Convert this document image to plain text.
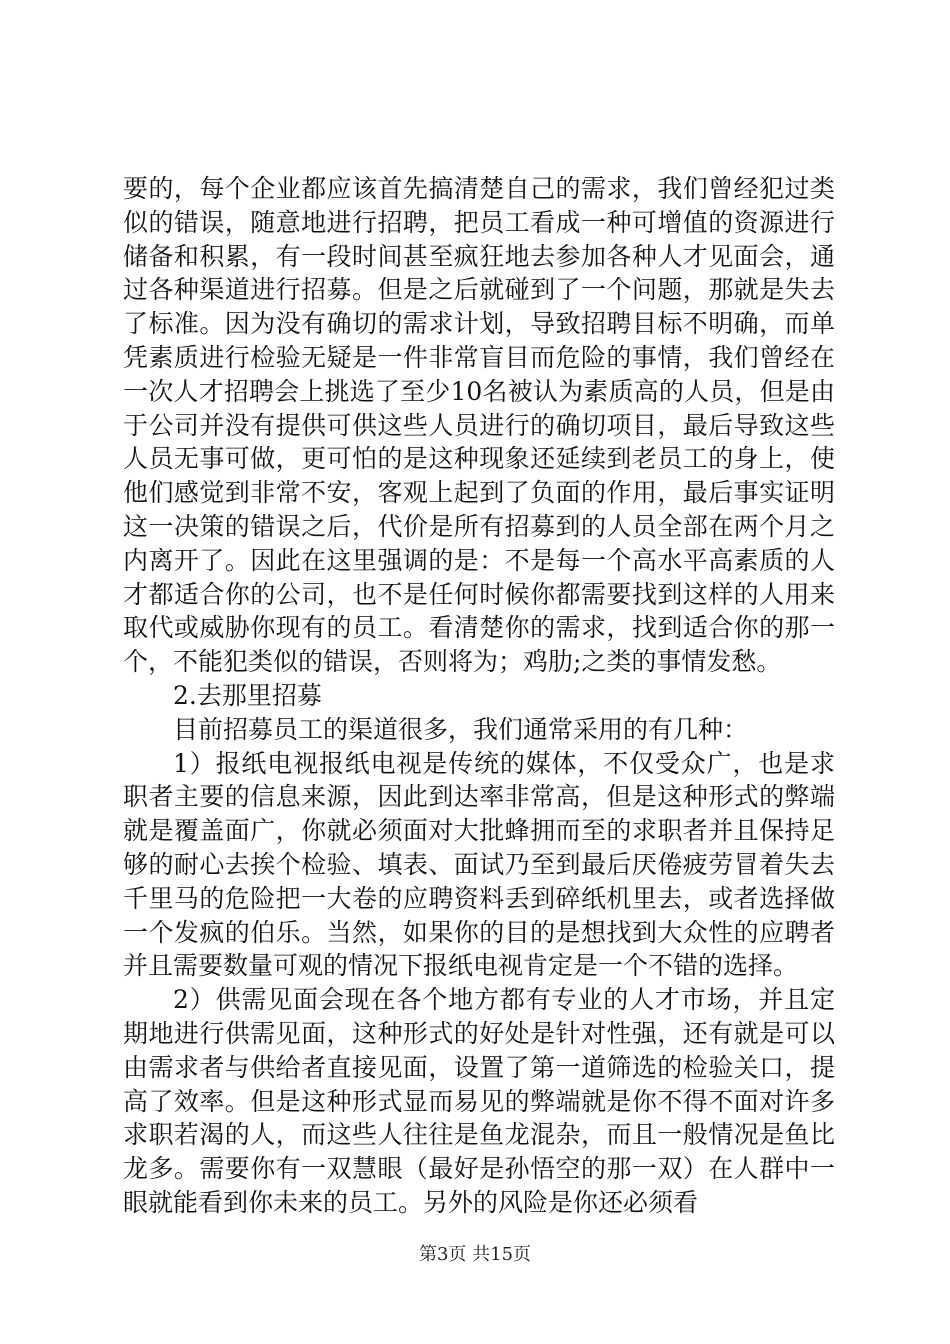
要的，每个企业都应该首先搞清楚自己的需求，我们曾经犯过类似的错误，随意地进行招聘，把员工看成一种可增值的资源进行储备和积累，有一段时间甚至疯狂地去参加各种人才见面会，通过各种渠道进行招募。但是之后就碰到了一个问题，那就是失去了标准。因为没有确切的需求计划，导致招聘目标不明确，而单凭素质进行检验无疑是一件非常盲目而危险的事情，我们曾经在一次人才招聘会上挑选了至少10名被认为素质高的人员，但是由于公司并没有提供可供这些人员进行的确切项目，最后导致这些人员无事可做，更可怕的是这种现象还延续到老员工的身上，使他们感觉到非常不安，客观上起到了负面的作用，最后事实证明这一决策的错误之后，代价是所有招募到的人员全部在两个月之内离开了。因此在这里强调的是：不是每一个高水平高素质的人才都适合你的公司，也不是任何时候你都需要找到这样的人用来取代或威胁你现有的员工。看清楚你的需求，找到适合你的那一个，不能犯类似的错误，否则将为；鸡肋;之类的事情发愁。

2.去那里招募

目前招募员工的渠道很多，我们通常采用的有几种：

1）报纸电视报纸电视是传统的媒体，不仅受众广，也是求职者主要的信息来源，因此到达率非常高，但是这种形式的弊端就是覆盖面广，你就必须面对大批蜂拥而至的求职者并且保持足够的耐心去挨个检验、填表、面试乃至到最后厌倦疲劳冒着失去千里马的危险把一大卷的应聘资料丢到碎纸机里去，或者选择做一个发疯的伯乐。当然，如果你的目的是想找到大众性的应聘者并且需要数量可观的情况下报纸电视肯定是一个不错的选择。

2）供需见面会现在各个地方都有专业的人才市场，并且定期地进行供需见面，这种形式的好处是针对性强，还有就是可以由需求者与供给者直接见面，设置了第一道筛选的检验关口，提高了效率。但是这种形式显而易见的弊端就是你不得不面对许多求职若渴的人，而这些人往往是鱼龙混杂，而且一般情况是鱼比龙多。需要你有一双慧眼（最好是孙悟空的那一双）在人群中一眼就能看到你未来的员工。另外的风险是你还必须看

第3页 共15页
